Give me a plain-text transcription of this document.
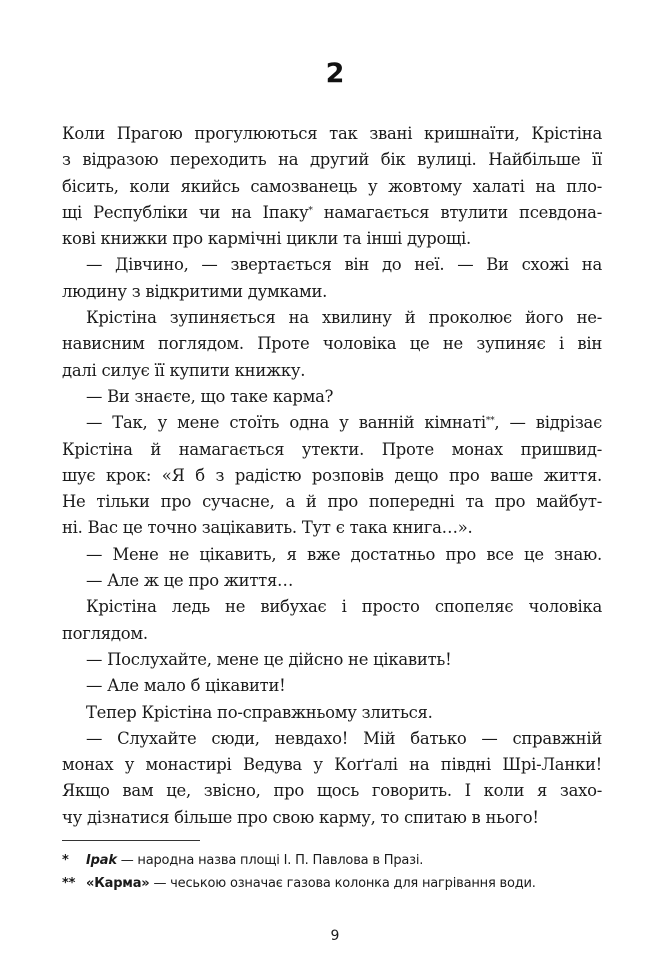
2
Коли Прагою прогулюються так звані кришнаїти, Крістіна
з відразою переходить на другий бік вулиці. Найбільше її
бісить, коли якийсь самозванець у жовтому халаті на пло-
щі Республіки чи на Іпаку* намагається втулити псевдона-
кові книжки про кармічні цикли та інші дурощі.
— Дівчино, — звертається він до неї. — Ви схожі на
людину з відкритими думками.
Крістіна зупиняється на хвилину й проколює його не-
нависним поглядом. Проте чоловіка це не зупиняє і він
далі силує її купити книжку.
— Ви знаєте, що таке карма?
— Так, у мене стоїть одна у ванній кімнаті**, — відрізає
Крістіна й намагається утекти. Проте монах пришвид-
шує крок: «Я б з радістю розповів дещо про ваше життя.
Не тільки про сучасне, а й про попередні та про майбут-
ні. Вас це точно зацікавить. Тут є така книга…».
— Мене не цікавить, я вже достатньо про все це знаю.
— Але ж це про життя…
Крістіна ледь не вибухає і просто спопеляє чоловіка
поглядом.
— Послухайте, мене це дійсно не цікавить!
— Але мало б цікавити!
Тепер Крістіна по-справжньому злиться.
— Слухайте сюди, невдахо! Мій батько — справжній
монах у монастирі Ведува у Коґґалі на півдні Шрі-Ланки!
Якщо вам це, звісно, про щось говорить. І коли я захо-
чу дізнатися більше про свою карму, то спитаю в нього!
* Іpak — народна назва площі І. П. Павлова в Празі.
** «Карма» — чеською означає газова колонка для нагрівання води.
9
